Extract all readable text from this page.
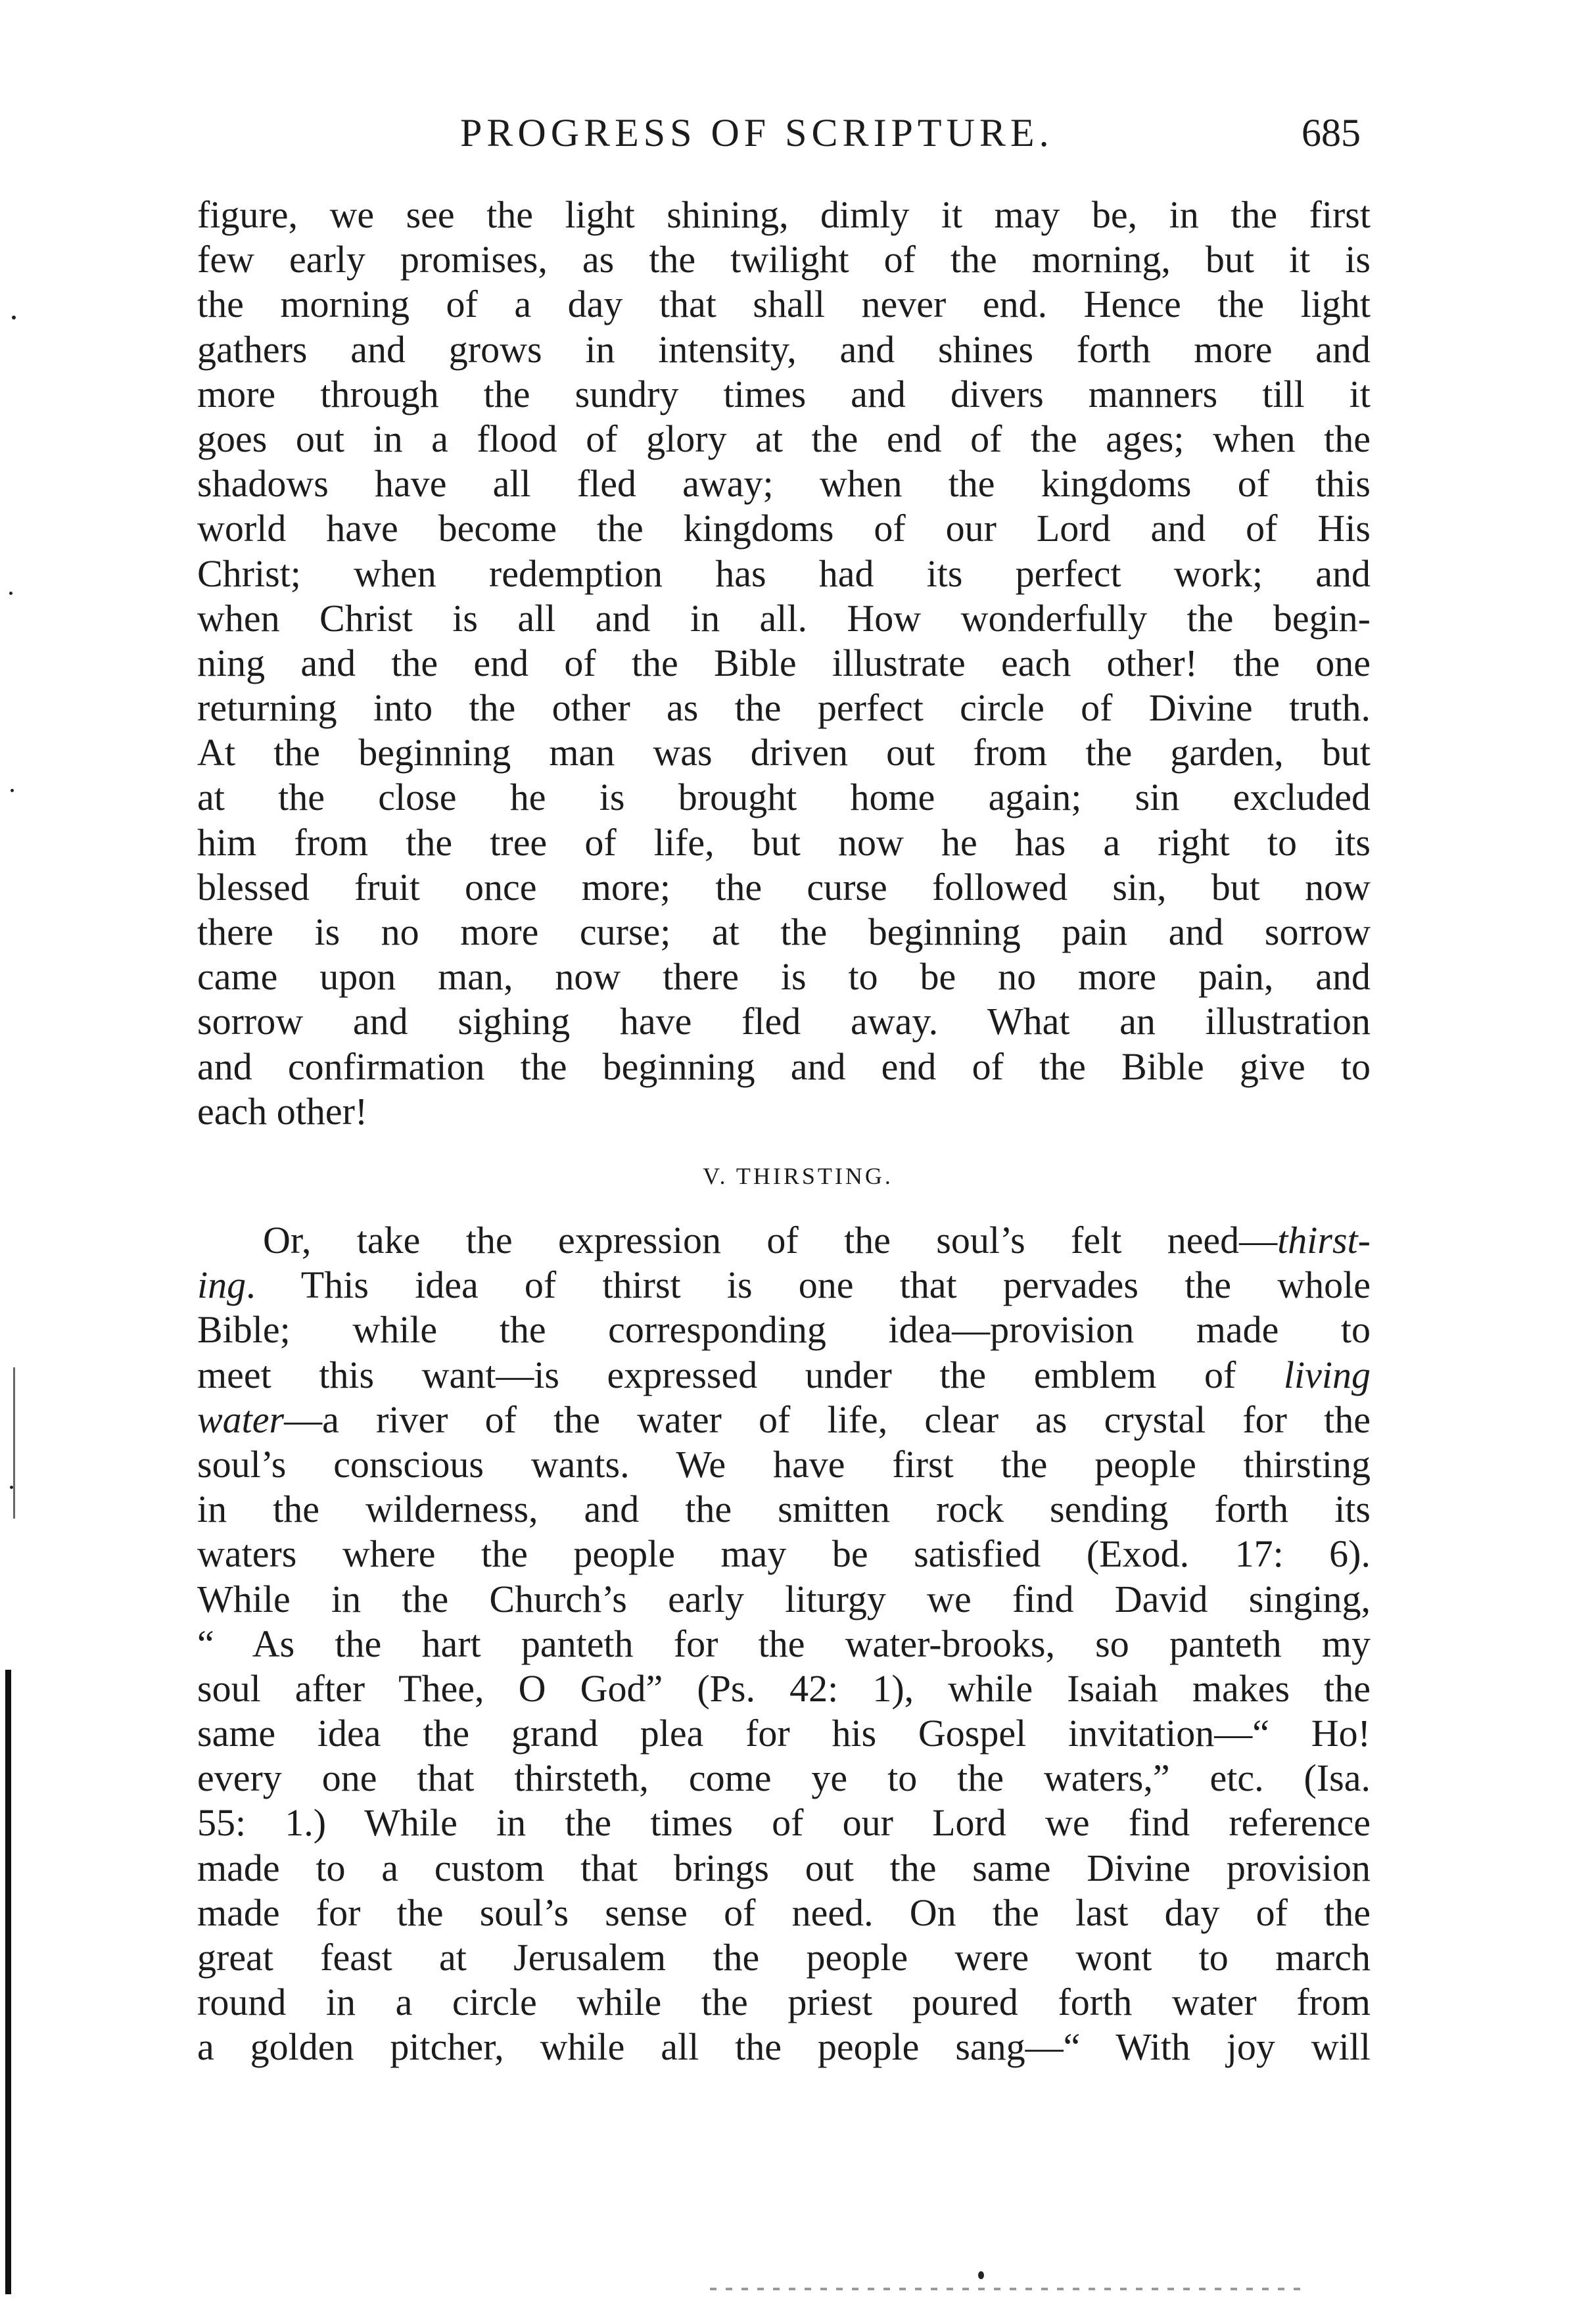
PROGRESS OF SCRIPTURE.	685
figure, we see the light shining, dimly it may be, in the first
few early promises, as the twilight of the morning, but it is
the morning of a day that shall never end. Hence the light
gathers and grows in intensity, and shines forth more and
more through the sundry times and divers manners till it
goes out in a flood of glory at the end of the ages; when the
shadows have all fled away; when the kingdoms of this
world have become the kingdoms of our Lord and of His
Christ; when redemption has had its perfect work; and
when Christ is all and in all. How wonderfully the begin-
ning and the end of the Bible illustrate each other! the one
returning into the other as the perfect circle of Divine truth.
At the beginning man was driven out from the garden, but
at the close he is brought home again; sin excluded
him from the tree of life, but now he has a right to its
blessed fruit once more; the curse followed sin, but now
there is no more curse; at the beginning pain and sorrow
came upon man, now there is to be no more pain, and
sorrow and sighing have fled away. What an illustration
and confirmation the beginning and end of the Bible give to
each other!
V. THIRSTING.
Or, take the expression of the soul’s felt need—thirst-
ing. This idea of thirst is one that pervades the whole
Bible; while the corresponding idea—provision made to
meet this want—is expressed under the emblem of living
water—a river of the water of life, clear as crystal for the
soul’s conscious wants. We have first the people thirsting
in the wilderness, and the smitten rock sending forth its
waters where the people may be satisfied (Exod. 17: 6).
While in the Church’s early liturgy we find David singing,
“ As the hart panteth for the water-brooks, so panteth my
soul after Thee, O God” (Ps. 42: 1), while Isaiah makes the
same idea the grand plea for his Gospel invitation—“ Ho!
every one that thirsteth, come ye to the waters,” etc. (Isa.
55: 1.) While in the times of our Lord we find reference
made to a custom that brings out the same Divine provision
made for the soul’s sense of need. On the last day of the
great feast at Jerusalem the people were wont to march
round in a circle while the priest poured forth water from
a golden pitcher, while all the people sang—“ With joy will
